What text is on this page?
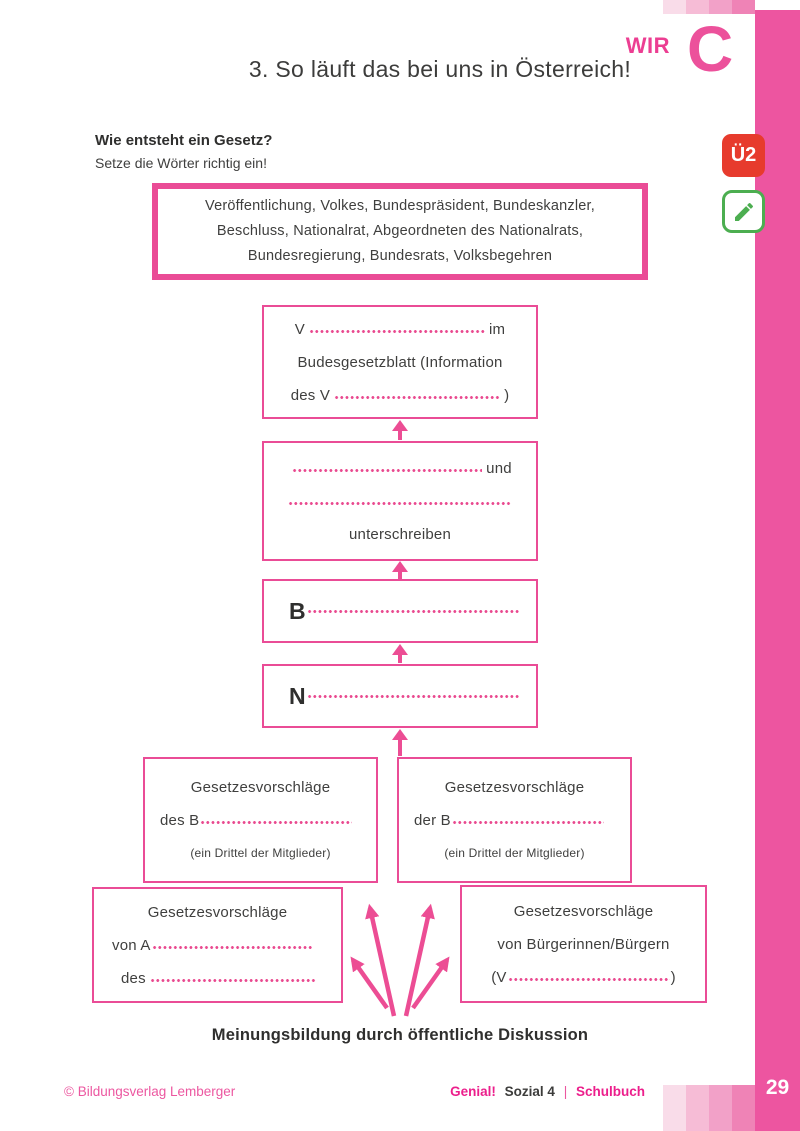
29
WIR C
3. So läuft das bei uns in Österreich!
Wie entsteht ein Gesetz?
Setze die Wörter richtig ein!	Ü2
Veröffentlichung, Volkes, Bundespräsident, Bundeskanzler,
Beschluss, Nationalrat, Abgeordneten des Nationalrats,
Bundesregierung, Bundesrats, Volksbegehren
V	im
Budesgesetzblatt (Information
des V	)
und
unterschreiben
B
N
Gesetzesvorschläge
des B
(ein Drittel der Mitglieder)
Gesetzesvorschläge
der B
(ein Drittel der Mitglieder)
Gesetzesvorschläge
von A
des
Gesetzesvorschläge
von Bürgerinnen/Bürgern
(V	)
Meinungsbildung durch öffentliche Diskussion
© Bildungsverlag Lemberger	Genial! Sozial 4 | Schulbuch
